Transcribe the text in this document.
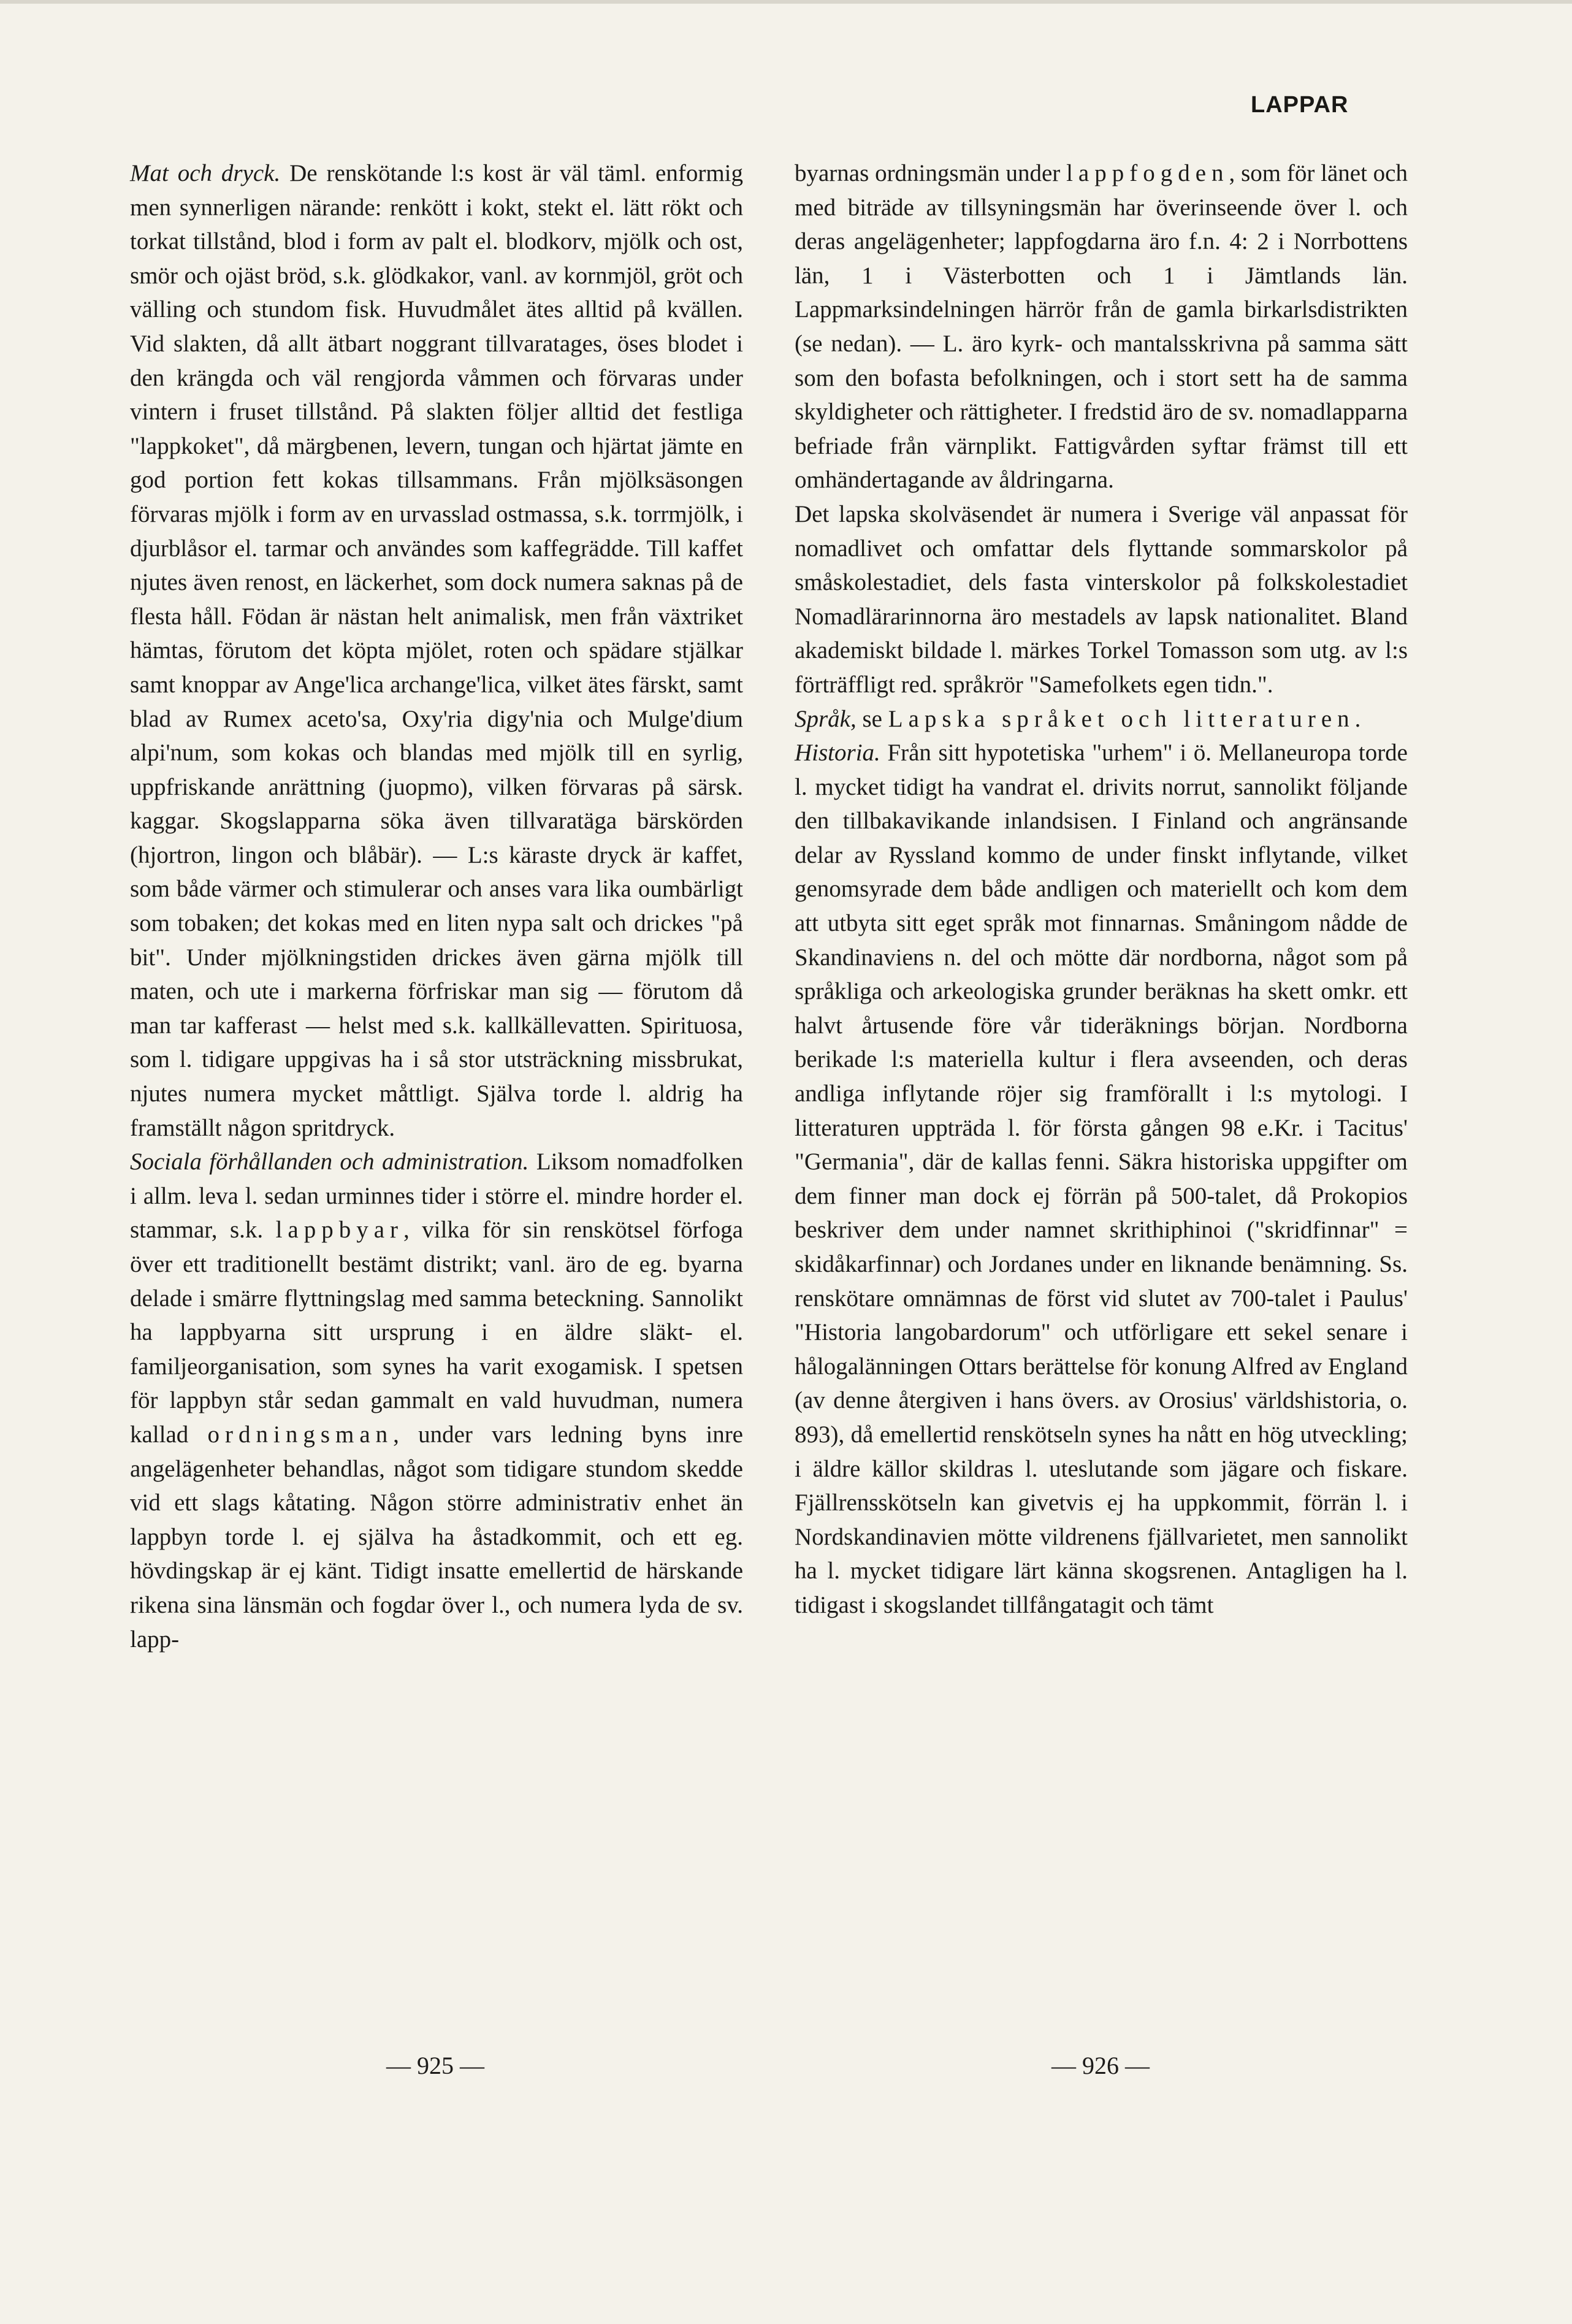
LAPPAR

Mat och dryck. De renskötande l:s kost är väl täml. enformig men synnerligen närande: renkött i kokt, stekt el. lätt rökt och torkat tillstånd, blod i form av palt el. blodkorv, mjölk och ost, smör och ojäst bröd, s.k. glödkakor, vanl. av kornmjöl, gröt och välling och stundom fisk. Huvudmålet ätes alltid på kvällen. Vid slakten, då allt ätbart noggrant tillvaratages, öses blodet i den krängda och väl rengjorda våmmen och förvaras under vintern i fruset tillstånd. På slakten följer alltid det festliga "lappkoket", då märgbenen, levern, tungan och hjärtat jämte en god portion fett kokas tillsammans. Från mjölksäsongen förvaras mjölk i form av en urvasslad ostmassa, s.k. torrmjölk, i djurblåsor el. tarmar och användes som kaffegrädde. Till kaffet njutes även renost, en läckerhet, som dock numera saknas på de flesta håll. Födan är nästan helt animalisk, men från växtriket hämtas, förutom det köpta mjölet, roten och spädare stjälkar samt knoppar av Ange'lica archange'lica, vilket ätes färskt, samt blad av Rumex aceto'sa, Oxy'ria digy'nia och Mulge'dium alpi'num, som kokas och blandas med mjölk till en syrlig, uppfriskande anrättning (juopmo), vilken förvaras på särsk. kaggar. Skogslapparna söka även tillvaratäga bärskörden (hjortron, lingon och blåbär). — L:s käraste dryck är kaffet, som både värmer och stimulerar och anses vara lika oumbärligt som tobaken; det kokas med en liten nypa salt och drickes "på bit". Under mjölkningstiden drickes även gärna mjölk till maten, och ute i markerna förfriskar man sig — förutom då man tar kafferast — helst med s.k. kallkällevatten. Spirituosa, som l. tidigare uppgivas ha i så stor utsträckning missbrukat, njutes numera mycket måttligt. Själva torde l. aldrig ha framställt någon spritdryck.

Sociala förhållanden och administration. Liksom nomadfolken i allm. leva l. sedan urminnes tider i större el. mindre horder el. stammar, s.k. lappbyar, vilka för sin renskötsel förfoga över ett traditionellt bestämt distrikt; vanl. äro de eg. byarna delade i smärre flyttningslag med samma beteckning. Sannolikt ha lappbyarna sitt ursprung i en äldre släkt- el. familjeorganisation, som synes ha varit exogamisk. I spetsen för lappbyn står sedan gammalt en vald huvudman, numera kallad ordningsman, under vars ledning byns inre angelägenheter behandlas, något som tidigare stundom skedde vid ett slags kåtating. Någon större administrativ enhet än lappbyn torde l. ej själva ha åstadkommit, och ett eg. hövdingskap är ej känt. Tidigt insatte emellertid de härskande rikena sina länsmän och fogdar över l., och numera lyda de sv. lapp-

byarnas ordningsmän under lappfogden, som för länet och med biträde av tillsyningsmän har överinseende över l. och deras angelägenheter; lappfogdarna äro f.n. 4: 2 i Norrbottens län, 1 i Västerbotten och 1 i Jämtlands län. Lappmarksindelningen härrör från de gamla birkarlsdistrikten (se nedan). — L. äro kyrk- och mantalsskrivna på samma sätt som den bofasta befolkningen, och i stort sett ha de samma skyldigheter och rättigheter. I fredstid äro de sv. nomadlapparna befriade från värnplikt. Fattigvården syftar främst till ett omhändertagande av åldringarna.

Det lapska skolväsendet är numera i Sverige väl anpassat för nomadlivet och omfattar dels flyttande sommarskolor på småskolestadiet, dels fasta vinterskolor på folkskolestadiet Nomadlärarinnorna äro mestadels av lapsk nationalitet. Bland akademiskt bildade l. märkes Torkel Tomasson som utg. av l:s förträffligt red. språkrör "Samefolkets egen tidn.".

Språk, se Lapska språket och litteraturen.

Historia. Från sitt hypotetiska "urhem" i ö. Mellaneuropa torde l. mycket tidigt ha vandrat el. drivits norrut, sannolikt följande den tillbakavikande inlandsisen. I Finland och angränsande delar av Ryssland kommo de under finskt inflytande, vilket genomsyrade dem både andligen och materiellt och kom dem att utbyta sitt eget språk mot finnarnas. Småningom nådde de Skandinaviens n. del och mötte där nordborna, något som på språkliga och arkeologiska grunder beräknas ha skett omkr. ett halvt årtusende före vår tideräknings början. Nordborna berikade l:s materiella kultur i flera avseenden, och deras andliga inflytande röjer sig framförallt i l:s mytologi. I litteraturen uppträda l. för första gången 98 e.Kr. i Tacitus' "Germania", där de kallas fenni. Säkra historiska uppgifter om dem finner man dock ej förrän på 500-talet, då Prokopios beskriver dem under namnet skrithiphinoi ("skridfinnar" = skidåkarfinnar) och Jordanes under en liknande benämning. Ss. renskötare omnämnas de först vid slutet av 700-talet i Paulus' "Historia langobardorum" och utförligare ett sekel senare i hålogalänningen Ottars berättelse för konung Alfred av England (av denne återgiven i hans övers. av Orosius' världshistoria, o. 893), då emellertid renskötseln synes ha nått en hög utveckling; i äldre källor skildras l. uteslutande som jägare och fiskare. Fjällrensskötseln kan givetvis ej ha uppkommit, förrän l. i Nordskandinavien mötte vildrenens fjällvarietet, men sannolikt ha l. mycket tidigare lärt känna skogsrenen. Antagligen ha l. tidigast i skogslandet tillfångatagit och tämt

— 925 —	— 926 —
